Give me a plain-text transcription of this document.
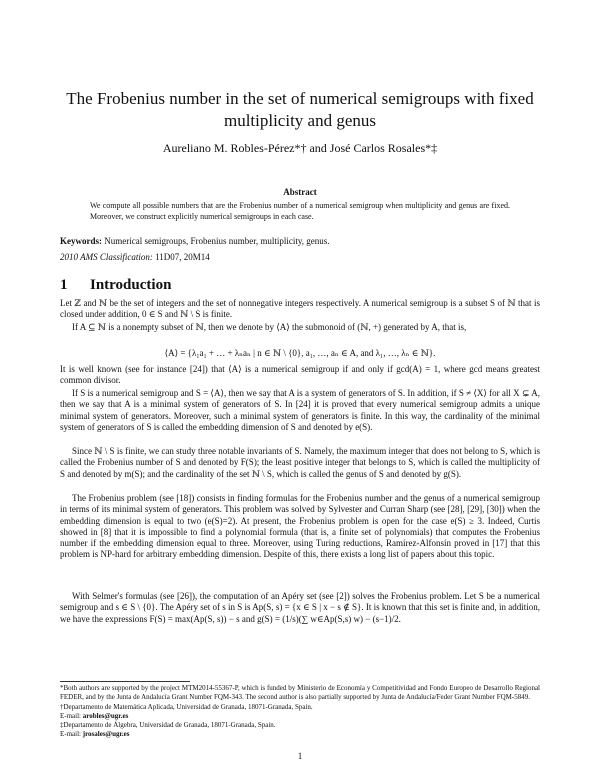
The Frobenius number in the set of numerical semigroups with fixed multiplicity and genus
Aureliano M. Robles-Pérez*† and José Carlos Rosales*‡
Abstract
We compute all possible numbers that are the Frobenius number of a numerical semigroup when multiplicity and genus are fixed. Moreover, we construct explicitly numerical semigroups in each case.
Keywords: Numerical semigroups, Frobenius number, multiplicity, genus.
2010 AMS Classification: 11D07, 20M14
1 Introduction

Let ℤ and ℕ be the set of integers and the set of nonnegative integers respectively. A numerical semigroup is a subset S of ℕ that is closed under addition, 0 ∈ S and ℕ \ S is finite.

If A ⊆ ℕ is a nonempty subset of ℕ, then we denote by ⟨A⟩ the submonoid of (ℕ, +) generated by A, that is,

⟨A⟩ = {λ₁a₁ + … + λₙaₙ | n ∈ ℕ \ {0}, a₁, …, aₙ ∈ A, and λ₁, …, λₙ ∈ ℕ}.

It is well known (see for instance [24]) that ⟨A⟩ is a numerical semigroup if and only if gcd(A) = 1, where gcd means greatest common divisor.

If S is a numerical semigroup and S = ⟨A⟩, then we say that A is a system of generators of S. In addition, if S ≠ ⟨X⟩ for all X ⊊ A, then we say that A is a minimal system of generators of S. In [24] it is proved that every numerical semigroup admits a unique minimal system of generators. Moreover, such a minimal system of generators is finite. In this way, the cardinality of the minimal system of generators of S is called the embedding dimension of S and denoted by e(S).

Since ℕ \ S is finite, we can study three notable invariants of S. Namely, the maximum integer that does not belong to S, which is called the Frobenius number of S and denoted by F(S); the least positive integer that belongs to S, which is called the multiplicity of S and denoted by m(S); and the cardinality of the set ℕ \ S, which is called the genus of S and denoted by g(S).

The Frobenius problem (see [18]) consists in finding formulas for the Frobenius number and the genus of a numerical semigroup in terms of its minimal system of generators. This problem was solved by Sylvester and Curran Sharp (see [28], [29], [30]) when the embedding dimension is equal to two (e(S)=2). At present, the Frobenius problem is open for the case e(S) ≥ 3. Indeed, Curtis showed in [8] that it is impossible to find a polynomial formula (that is, a finite set of polynomials) that computes the Frobenius number if the embedding dimension equal to three. Moreover, using Turing reductions, Ramírez-Alfonsín proved in [17] that this problem is NP-hard for arbitrary embedding dimension. Despite of this, there exists a long list of papers about this topic.

With Selmer's formulas (see [26]), the computation of an Apéry set (see [2]) solves the Frobenius problem. Let S be a numerical semigroup and s ∈ S \ {0}. The Apéry set of s in S is Ap(S, s) = {x ∈ S | x − s ∉ S}. It is known that this set is finite and, in addition, we have the expressions F(S) = max(Ap(S, s)) − s and g(S) = (1/s)(∑ w∈Ap(S,s) w) − (s−1)/2.

*Both authors are supported by the project MTM2014-55367-P, which is funded by Ministerio de Economía y Competitividad and Fondo Europeo de Desarrollo Regional FEDER, and by the Junta de Andalucía Grant Number FQM-343. The second author is also partially supported by Junta de Andalucía/Feder Grant Number FQM-5849.

†Departamento de Matemática Aplicada, Universidad de Granada, 18071-Granada, Spain.

E-mail: arobles@ugr.es

‡Departamento de Álgebra, Universidad de Granada, 18071-Granada, Spain.

E-mail: jrosales@ugr.es

1
